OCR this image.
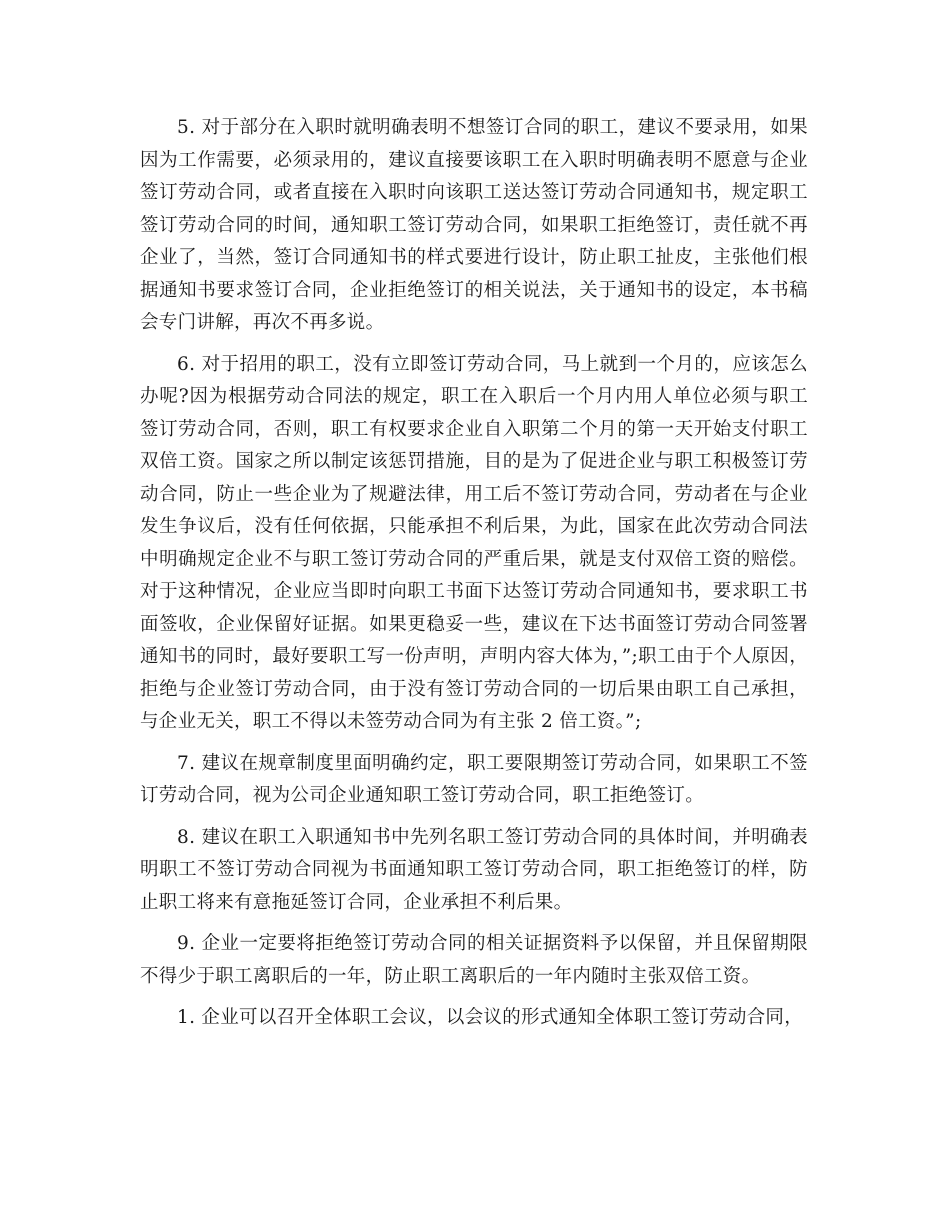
5. 对于部分在入职时就明确表明不想签订合同的职工，建议不要录用，如果因为工作需要，必须录用的，建议直接要该职工在入职时明确表明不愿意与企业签订劳动合同，或者直接在入职时向该职工送达签订劳动合同通知书，规定职工签订劳动合同的时间，通知职工签订劳动合同，如果职工拒绝签订，责任就不再企业了，当然，签订合同通知书的样式要进行设计，防止职工扯皮，主张他们根据通知书要求签订合同，企业拒绝签订的相关说法，关于通知书的设定，本书稿会专门讲解，再次不再多说。

6. 对于招用的职工，没有立即签订劳动合同，马上就到一个月的，应该怎么办呢?因为根据劳动合同法的规定，职工在入职后一个月内用人单位必须与职工签订劳动合同，否则，职工有权要求企业自入职第二个月的第一天开始支付职工双倍工资。国家之所以制定该惩罚措施，目的是为了促进企业与职工积极签订劳动合同，防止一些企业为了规避法律，用工后不签订劳动合同，劳动者在与企业发生争议后，没有任何依据，只能承担不利后果，为此，国家在此次劳动合同法中明确规定企业不与职工签订劳动合同的严重后果，就是支付双倍工资的赔偿。对于这种情况，企业应当即时向职工书面下达签订劳动合同通知书，要求职工书面签收，企业保留好证据。如果更稳妥一些，建议在下达书面签订劳动合同签署通知书的同时，最好要职工写一份声明，声明内容大体为，”;职工由于个人原因，拒绝与企业签订劳动合同，由于没有签订劳动合同的一切后果由职工自己承担，与企业无关，职工不得以未签劳动合同为有主张 2 倍工资。”;

7. 建议在规章制度里面明确约定，职工要限期签订劳动合同，如果职工不签订劳动合同，视为公司企业通知职工签订劳动合同，职工拒绝签订。

8. 建议在职工入职通知书中先列名职工签订劳动合同的具体时间，并明确表明职工不签订劳动合同视为书面通知职工签订劳动合同，职工拒绝签订的样，防止职工将来有意拖延签订合同，企业承担不利后果。

9. 企业一定要将拒绝签订劳动合同的相关证据资料予以保留，并且保留期限不得少于职工离职后的一年，防止职工离职后的一年内随时主张双倍工资。

1. 企业可以召开全体职工会议，以会议的形式通知全体职工签订劳动合同，
